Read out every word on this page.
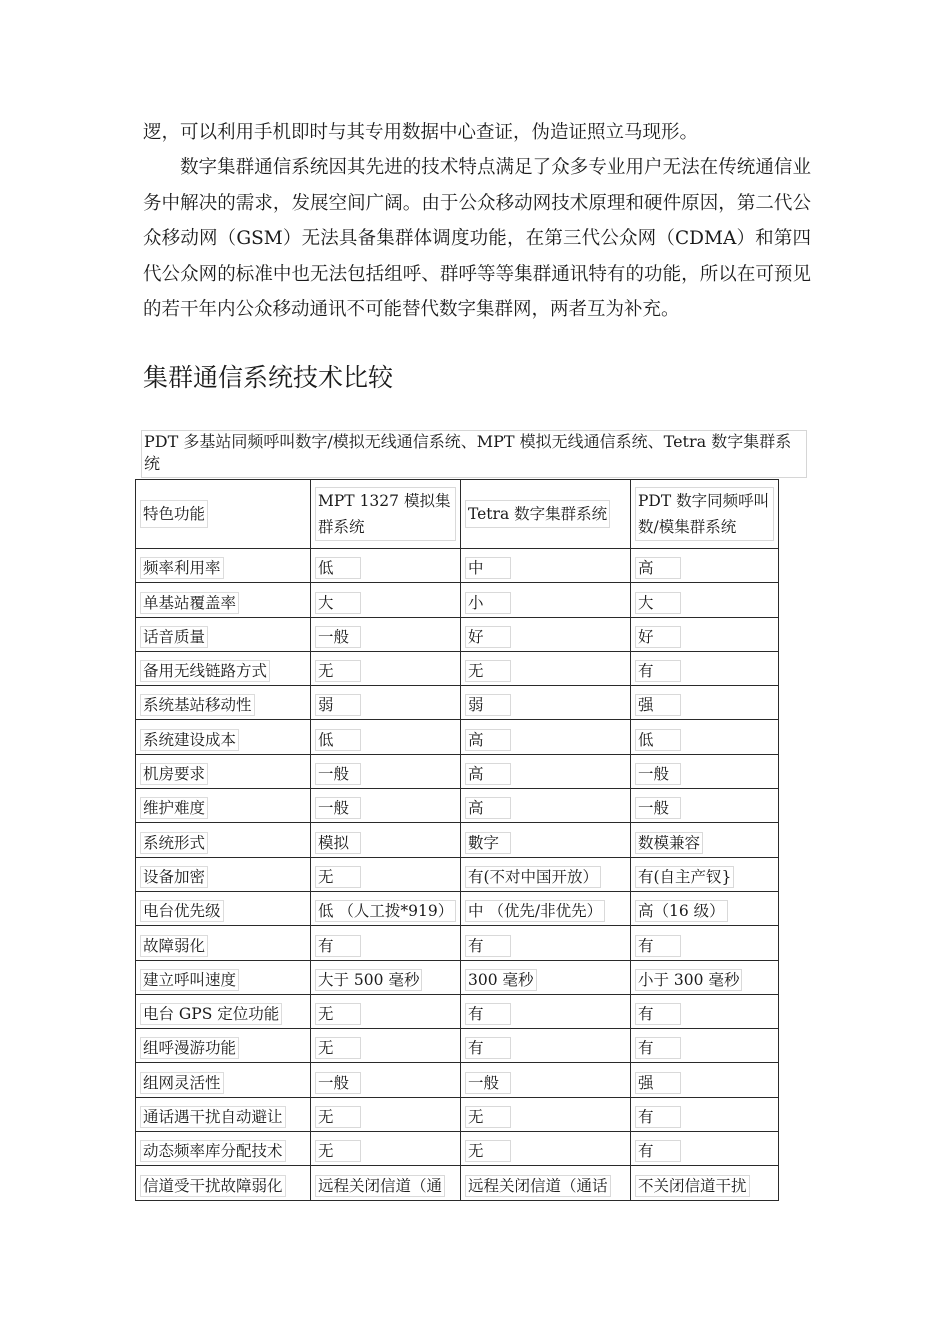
逻，可以利用手机即时与其专用数据中心查证，伪造证照立马现形。

数字集群通信系统因其先进的技术特点满足了众多专业用户无法在传统通信业务中解决的需求，发展空间广阔。由于公众移动网技术原理和硬件原因，第二代公众移动网（GSM）无法具备集群体调度功能，在第三代公众网（CDMA）和第四代公众网的标准中也无法包括组呼、群呼等等集群通讯特有的功能，所以在可预见的若干年内公众移动通讯不可能替代数字集群网，两者互为补充。

集群通信系统技术比较
PDT 多基站同频呼叫数字/模拟无线通信系统、MPT 模拟无线通信系统、Tetra 数字集群系统
特色功能	MPT 1327 模拟集群系统	Tetra 数字集群系统	PDT 数字同频呼叫数/模集群系统
频率利用率	低	中	高
单基站覆盖率	大	小	大
话音质量	一般	好	好
备用无线链路方式	无	无	有
系统基站移动性	弱	弱	强
系统建设成本	低	高	低
机房要求	一般	高	一般
维护难度	一般	高	一般
系统形式	模拟	數字	数模兼容
设备加密	无	有(不对中国开放）	有(自主产钗}
电台优先级	低 （人工拨*919）	中 （优先/非优先）	高（16 级）
故障弱化	有	有	有
建立呼叫速度	大于 500 毫秒	300 毫秒	小于 300 毫秒
电台 GPS 定位功能	无	有	有
组呼漫游功能	无	有	有
组网灵活性	一般	一般	强
通话遇干扰自动避让	无	无	有
动态频率库分配技术	无	无	有
信道受干扰故障弱化	远程关闭信道（通	远程关闭信道（通话	不关闭信道干扰
